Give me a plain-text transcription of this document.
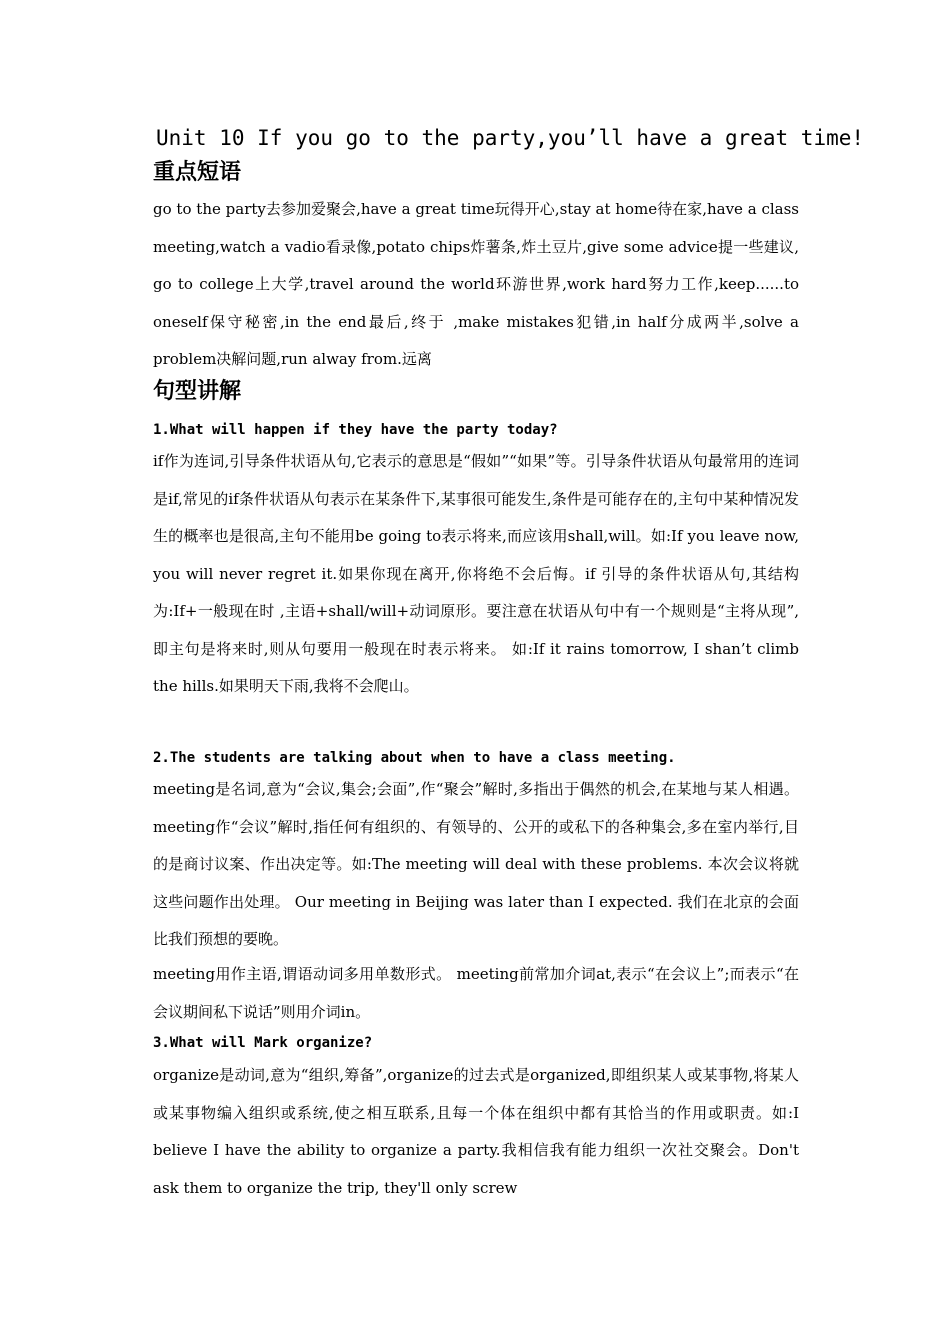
Unit 10 If you go to the party,you’ll have a great time!
重点短语
go to the party去参加爱聚会,have a great time玩得开心,stay at home待在家,have a class meeting,watch a vadio看录像,potato chips炸薯条,炸土豆片,give some advice提一些建议, go to college上大学,travel around the world环游世界,work hard努力工作,keep......to oneself保守秘密,in the end最后,终于 ,make mistakes犯错,in half分成两半,solve a problem决解问题,run alway from.远离
句型讲解
1.What will happen if they have the party today?
if作为连词,引导条件状语从句,它表示的意思是“假如”“如果”等。引导条件状语从句最常用的连词是if,常见的if条件状语从句表示在某条件下,某事很可能发生,条件是可能存在的,主句中某种情况发生的概率也是很高,主句不能用be going to表示将来,而应该用shall,will。如:If you leave now, you will never regret it.如果你现在离开,你将绝不会后悔。if 引导的条件状语从句,其结构为:If+一般现在时 ,主语+shall/will+动词原形。要注意在状语从句中有一个规则是“主将从现”,即主句是将来时,则从句要用一般现在时表示将来。 如:If it rains tomorrow, I shan’t climb the hills.如果明天下雨,我将不会爬山。
2.The students are talking about when to have a class meeting.
meeting是名词,意为“会议,集会;会面”,作“聚会”解时,多指出于偶然的机会,在某地与某人相遇。meeting作“会议”解时,指任何有组织的、有领导的、公开的或私下的各种集会,多在室内举行,目的是商讨议案、作出决定等。如:The meeting will deal with these problems. 本次会议将就这些问题作出处理。 Our meeting in Beijing was later than I expected. 我们在北京的会面比我们预想的要晚。
meeting用作主语,谓语动词多用单数形式。 meeting前常加介词at,表示“在会议上”;而表示“在会议期间私下说话”则用介词in。
3.What will Mark organize?
organize是动词,意为“组织,筹备”,organize的过去式是organized,即组织某人或某事物,将某人或某事物编入组织或系统,使之相互联系,且每一个体在组织中都有其恰当的作用或职责。如:I believe I have the ability to organize a party.我相信我有能力组织一次社交聚会。Don't ask them to organize the trip, they'll only screw
